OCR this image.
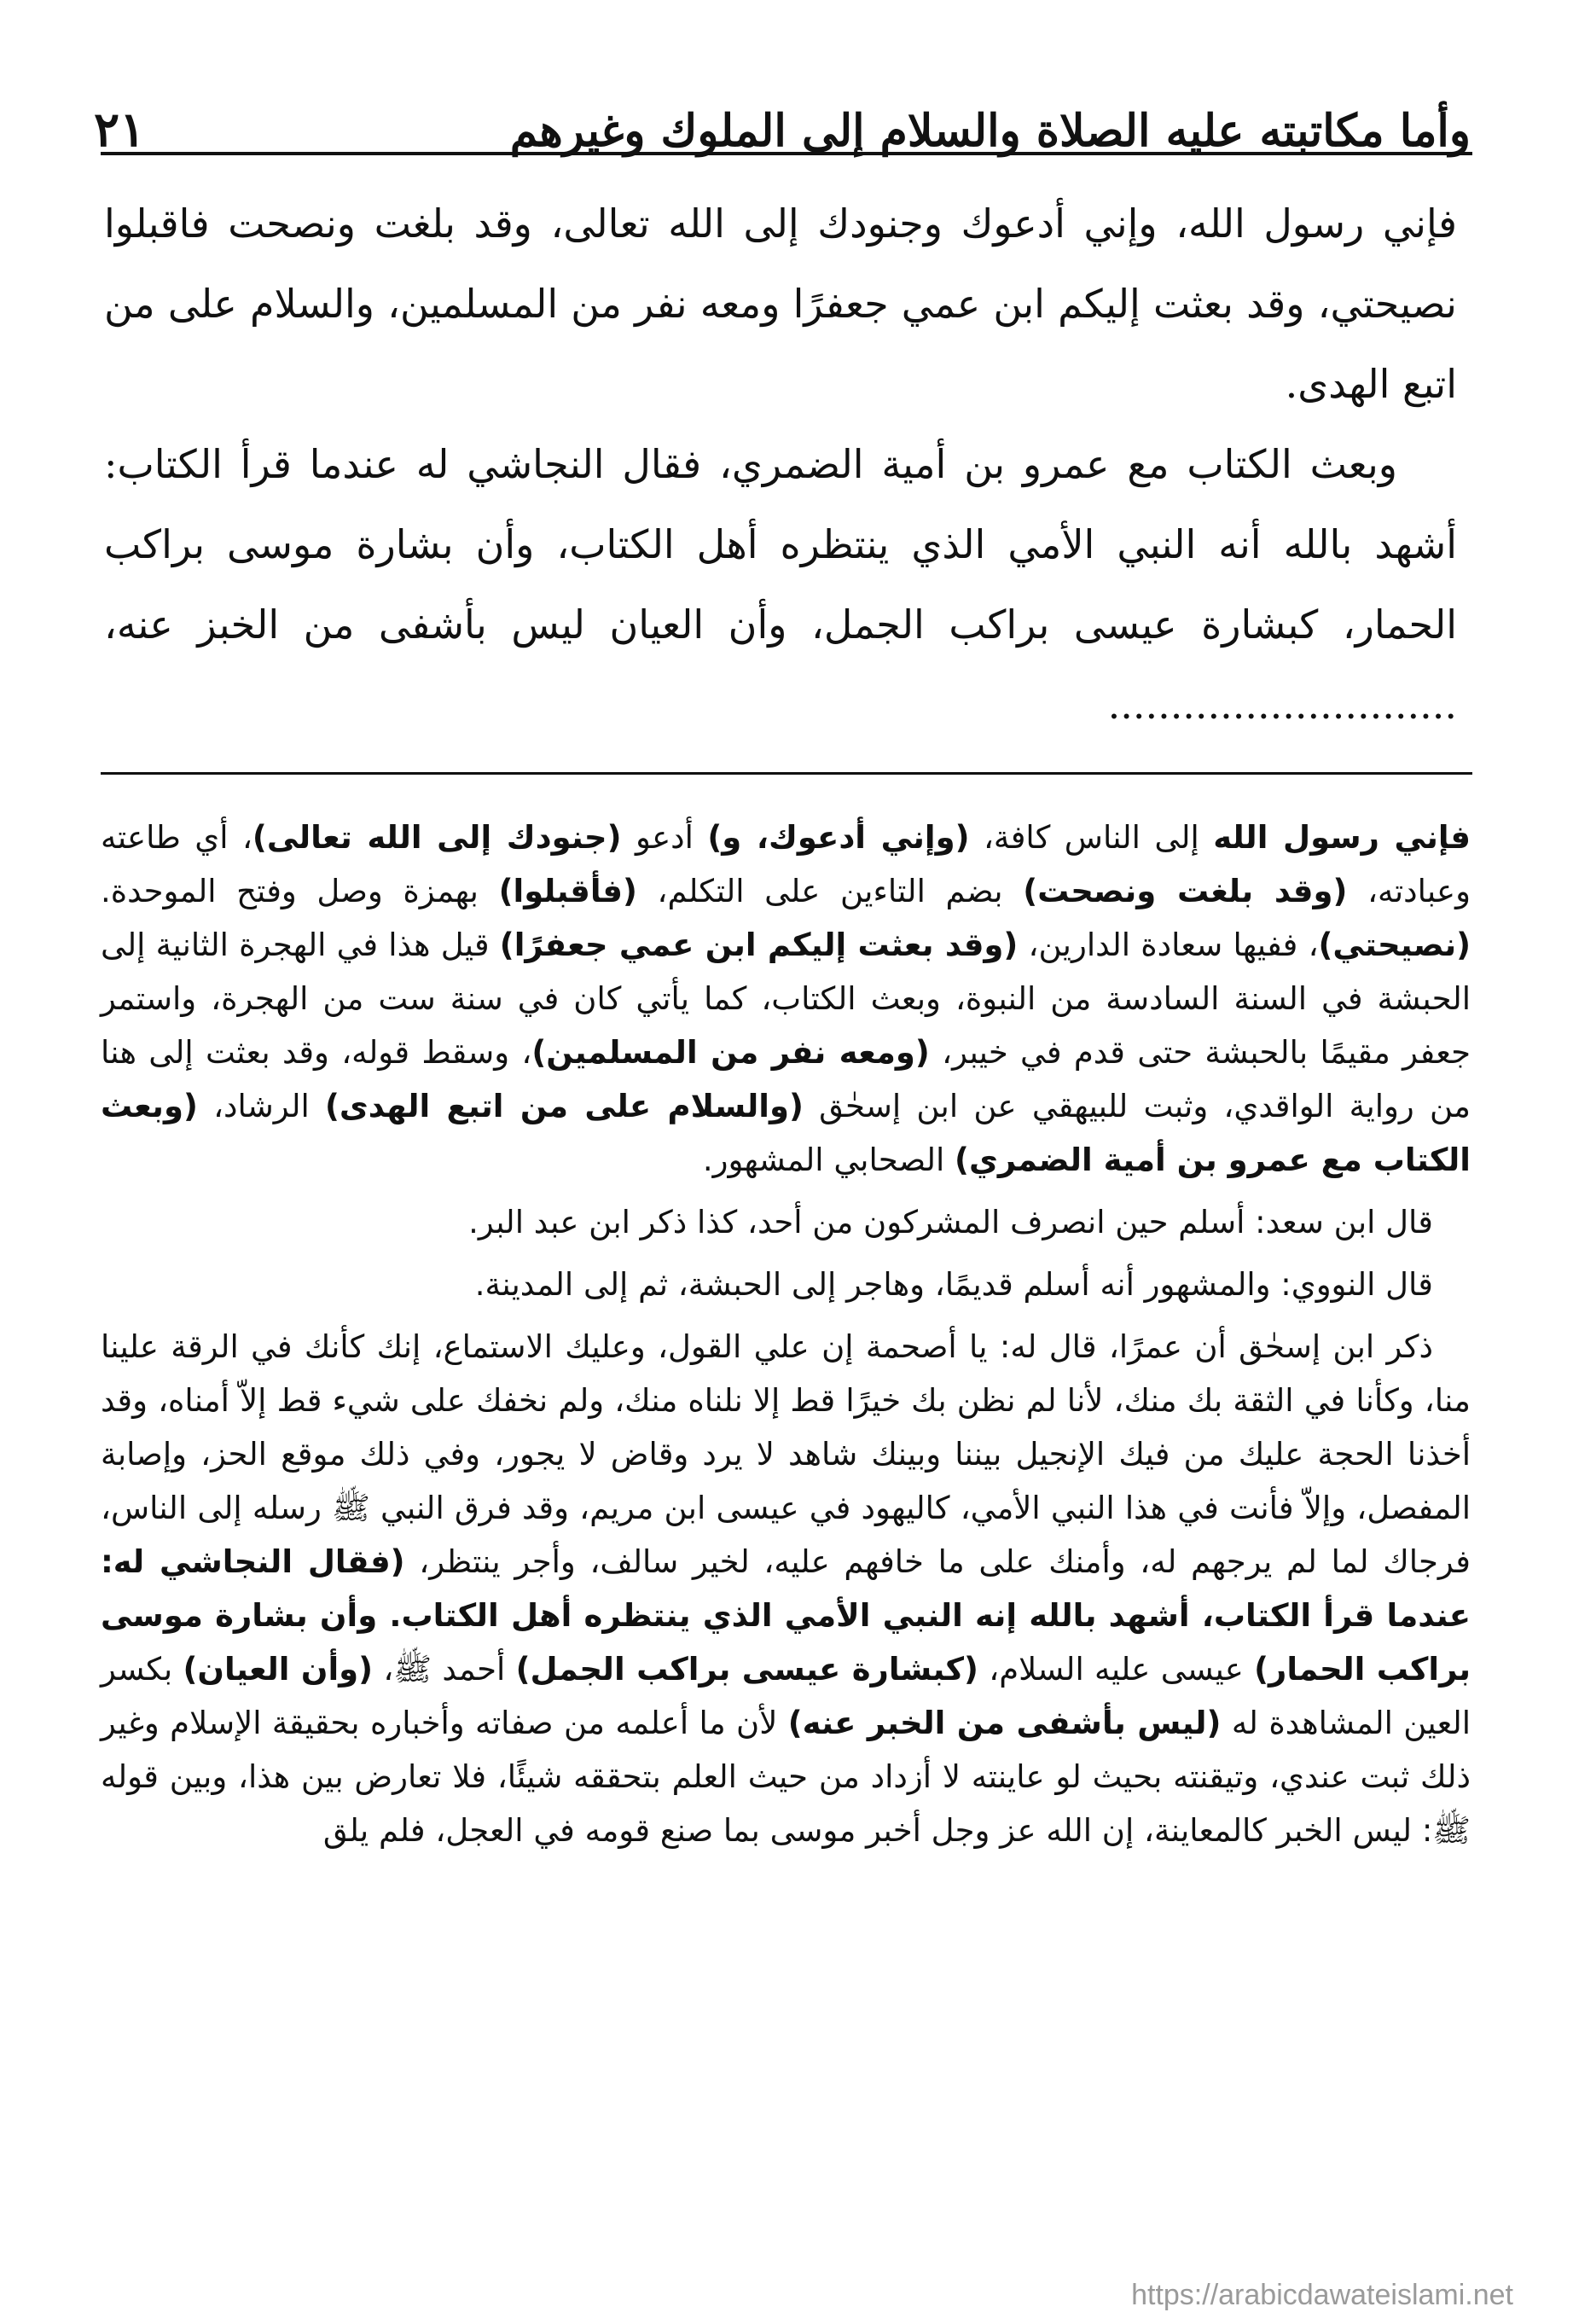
وأما مكاتبته عليه الصلاة والسلام إلى الملوك وغيرهم
٢١

فإني رسول الله، وإني أدعوك وجنودك إلى الله تعالى، وقد بلغت ونصحت فاقبلوا نصيحتي، وقد بعثت إليكم ابن عمي جعفرًا ومعه نفر من المسلمين، والسلام على من اتبع الهدى.

وبعث الكتاب مع عمرو بن أمية الضمري، فقال النجاشي له عندما قرأ الكتاب: أشهد بالله أنه النبي الأمي الذي ينتظره أهل الكتاب، وأن بشارة موسى براكب الحمار، كبشارة عيسى براكب الجمل، وأن العيان ليس بأشفى من الخبز عنه، ............................

فإني رسول الله إلى الناس كافة، (وإني أدعوك، و) أدعو (جنودك إلى الله تعالى)، أي طاعته وعبادته، (وقد بلغت ونصحت) بضم التاءين على التكلم، (فأقبلوا) بهمزة وصل وفتح الموحدة. (نصيحتي)، ففيها سعادة الدارين، (وقد بعثت إليكم ابن عمي جعفرًا) قيل هذا في الهجرة الثانية إلى الحبشة في السنة السادسة من النبوة، وبعث الكتاب، كما يأتي كان في سنة ست من الهجرة، واستمر جعفر مقيمًا بالحبشة حتى قدم في خيبر، (ومعه نفر من المسلمين)، وسقط قوله، وقد بعثت إلى هنا من رواية الواقدي، وثبت للبيهقي عن ابن إسحٰق (والسلام على من اتبع الهدى) الرشاد، (وبعث الكتاب مع عمرو بن أمية الضمري) الصحابي المشهور.

قال ابن سعد: أسلم حين انصرف المشركون من أحد، كذا ذكر ابن عبد البر.

قال النووي: والمشهور أنه أسلم قديمًا، وهاجر إلى الحبشة، ثم إلى المدينة.

ذكر ابن إسحٰق أن عمرًا، قال له: يا أصحمة إن علي القول، وعليك الاستماع، إنك كأنك في الرقة علينا منا، وكأنا في الثقة بك منك، لأنا لم نظن بك خيرًا قط إلا نلناه منك، ولم نخفك على شيء قط إلاّ أمناه، وقد أخذنا الحجة عليك من فيك الإنجيل بيننا وبينك شاهد لا يرد وقاض لا يجور، وفي ذلك موقع الحز، وإصابة المفصل، وإلاّ فأنت في هذا النبي الأمي، كاليهود في عيسى ابن مريم، وقد فرق النبي ﷺ رسله إلى الناس، فرجاك لما لم يرجهم له، وأمنك على ما خافهم عليه، لخير سالف، وأجر ينتظر، (فقال النجاشي له: عندما قرأ الكتاب، أشهد بالله إنه النبي الأمي الذي ينتظره أهل الكتاب. وأن بشارة موسى براكب الحمار) عيسى عليه السلام، (كبشارة عيسى براكب الجمل) أحمد ﷺ، (وأن العيان) بكسر العين المشاهدة له (ليس بأشفى من الخبر عنه) لأن ما أعلمه من صفاته وأخباره بحقيقة الإسلام وغير ذلك ثبت عندي، وتيقنته بحيث لو عاينته لا أزداد من حيث العلم بتحققه شيئًا، فلا تعارض بين هذا، وبين قوله ﷺ: ليس الخبر كالمعاينة، إن الله عز وجل أخبر موسى بما صنع قومه في العجل، فلم يلق

https://arabicdawateislami.net
